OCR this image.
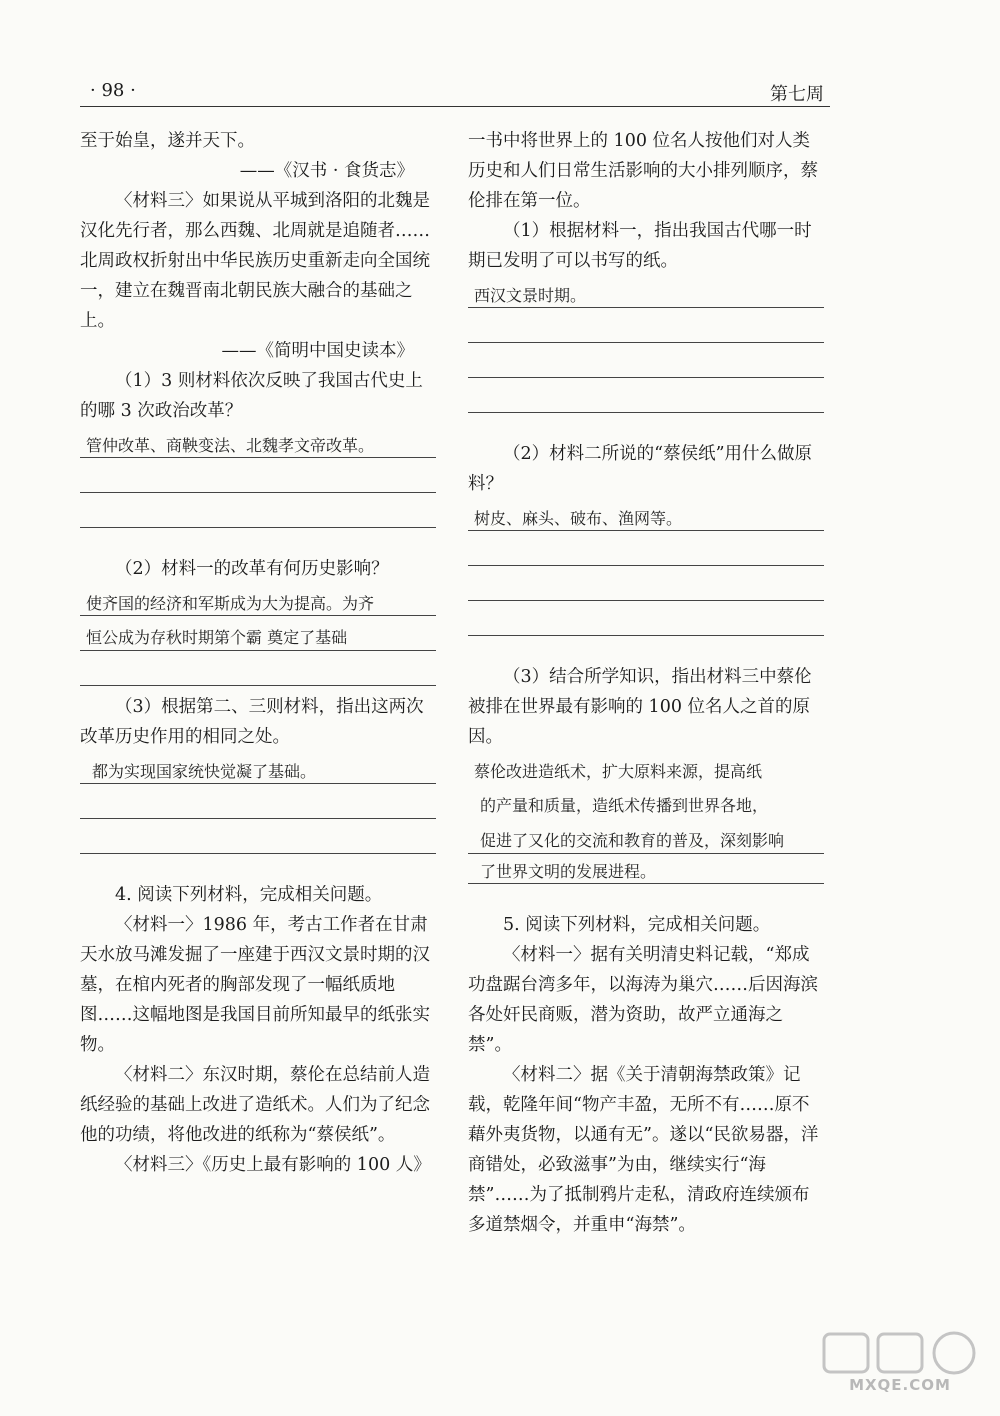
· 98 ·	第七周

至于始皇，遂并天下。

——《汉书 · 食货志》

〈材料三〉如果说从平城到洛阳的北魏是汉化先行者，那么西魏、北周就是追随者……北周政权折射出中华民族历史重新走向全国统一，建立在魏晋南北朝民族大融合的基础之上。

——《简明中国史读本》

（1）3 则材料依次反映了我国古代史上的哪 3 次政治改革？

管仲改革、商鞅变法、北魏孝文帝改革。

（2）材料一的改革有何历史影响？

使齐国的经济和军斯成为大为提高。为齐
恒公成为存秋时期第个霸 奠定了基础

（3）根据第二、三则材料，指出这两次改革历史作用的相同之处。

都为实现国家统快觉凝了基础。

4. 阅读下列材料，完成相关问题。

〈材料一〉1986 年，考古工作者在甘肃天水放马滩发掘了一座建于西汉文景时期的汉墓，在棺内死者的胸部发现了一幅纸质地图……这幅地图是我国目前所知最早的纸张实物。

〈材料二〉东汉时期，蔡伦在总结前人造纸经验的基础上改进了造纸术。人们为了纪念他的功绩，将他改进的纸称为“蔡侯纸”。

〈材料三〉《历史上最有影响的 100 人》

一书中将世界上的 100 位名人按他们对人类历史和人们日常生活影响的大小排列顺序，蔡伦排在第一位。

（1）根据材料一，指出我国古代哪一时期已发明了可以书写的纸。

西汉文景时期。

（2）材料二所说的“蔡侯纸”用什么做原料？

树皮、麻头、破布、渔网等。

（3）结合所学知识，指出材料三中蔡伦被排在世界最有影响的 100 位名人之首的原因。

蔡伦改进造纸术，扩大原料来源，提高纸
的产量和质量，造纸术传播到世界各地，
促进了又化的交流和教育的普及，深刻影响
了世界文明的发展进程。

5. 阅读下列材料，完成相关问题。

〈材料一〉据有关明清史料记载，“郑成功盘踞台湾多年，以海涛为巢穴……后因海滨各处奸民商贩，潜为资助，故严立通海之禁”。

〈材料二〉据《关于清朝海禁政策》记载，乾隆年间“物产丰盈，无所不有……原不藉外夷货物，以通有无”。遂以“民欲易器，洋商错处，必致滋事”为由，继续实行“海禁”……为了抵制鸦片走私，清政府连续颁布多道禁烟令，并重申“海禁”。

MXQE.COM
